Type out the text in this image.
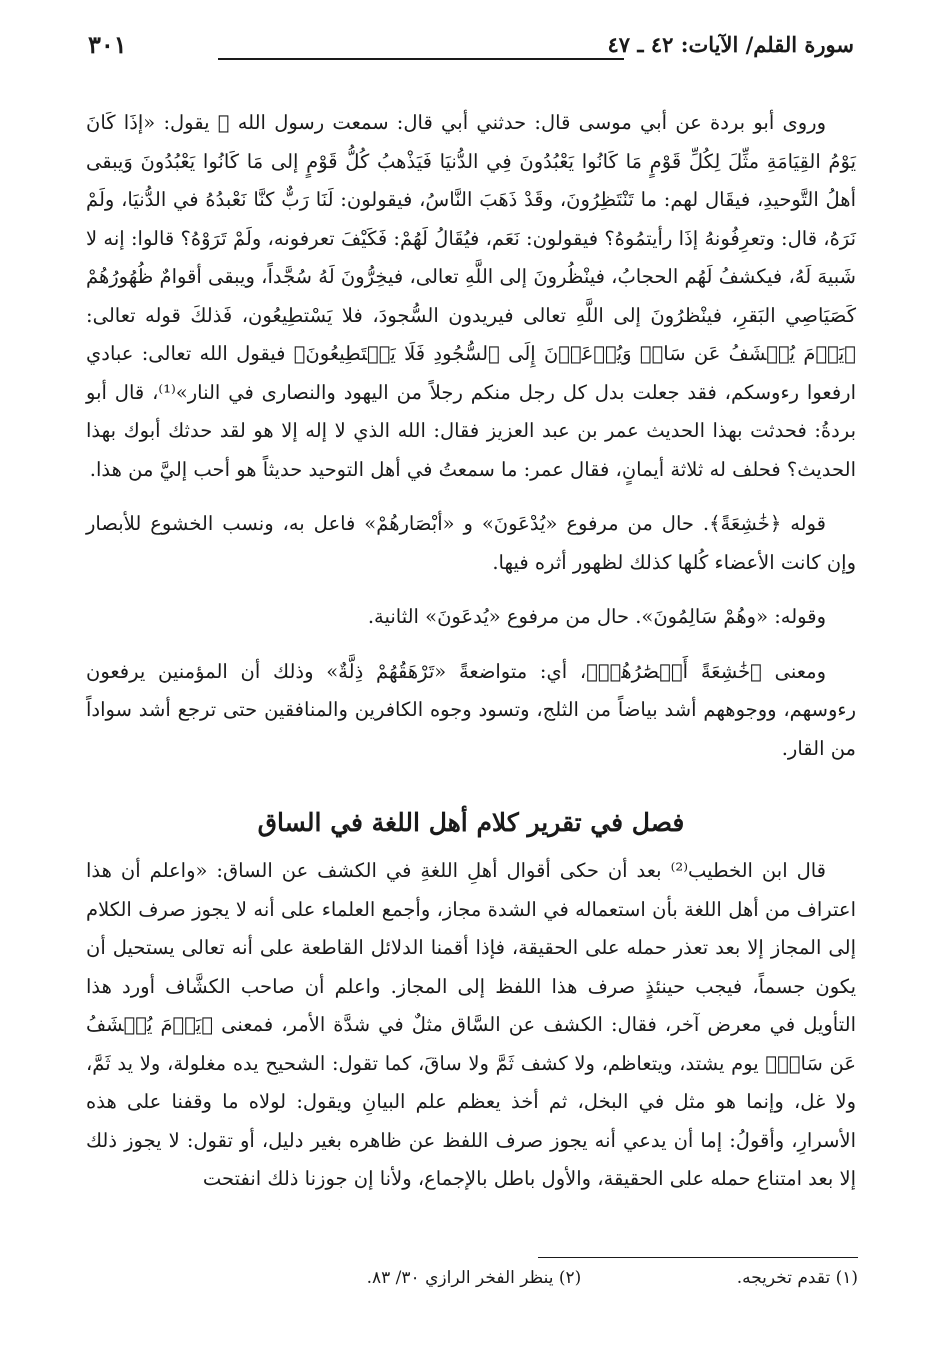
سورة القلم/ الآيات: ٤٢ ـ ٤٧
٣٠١

وروى أبو بردة عن أبي موسى قال: حدثني أبي قال: سمعت رسول الله ﷺ يقول: «إذَا كَانَ يَوْمُ القِيَامَةِ مثِّلَ لِكُلِّ قَوْمٍ مَا كَانُوا يَعْبُدُونَ فِي الدُّنيَا فَيَذْهبُ كُلُّ قَوْمٍ إلى مَا كَانُوا يَعْبُدُونَ وَيبقى أهلُ التَّوحيدِ، فيقَال لهم: ما تَنْتَظِرُونَ، وقَدْ ذَهَبَ النَّاسُ، فيقولون: لَنَا رَبٌّ كنَّا نَعْبدُهُ في الدُّنيَا، ولَمْ نَرَهُ، قال: وتعرِفُونهُ إذَا رأيتمُوهُ؟ فيقولون: نَعَم، فيُقَالُ لَهُمْ: فَكَيْفَ تعرفونه، ولَمْ تَرَوْهُ؟ قالوا: إنه لا شَبيهَ لَهُ، فيكشفُ لَهُم الحجابُ، فينْظُرونَ إلى اللَّهِ تعالى، فيخِرُّونَ لَهُ سُجَّداً، ويبقى أقوامٌ ظُهُورُهُمْ كَصَيَاصِي البَقرِ، فينْظرُونَ إلى اللَّهِ تعالى فيريدون السُّجودَ، فلا يَسْتطِيعُون، فَذلكَ قوله تعالى: ﴿يَوۡمَ يُكۡشَفُ عَن سَاقٖ وَيُدۡعَوۡنَ إِلَى ٱلسُّجُودِ فَلَا يَسۡتَطِيعُونَ﴾ فيقول الله تعالى: عبادي ارفعوا رءوسكم، فقد جعلت بدل كل رجل منكم رجلاً من اليهود والنصارى في النار»⁽¹⁾، قال أبو بردةُ: فحدثت بهذا الحديث عمر بن عبد العزيز فقال: الله الذي لا إله إلا هو لقد حدثك أبوك بهذا الحديث؟ فحلف له ثلاثة أيمانٍ، فقال عمر: ما سمعتُ في أهل التوحيد حديثاً هو أحب إليَّ من هذا.

قوله ﴿خَٰشِعَةً﴾. حال من مرفوع «يُدْعَونَ» و «أبْصَارهُمْ» فاعل به، ونسب الخشوع للأبصار وإن كانت الأعضاء كُلها كذلك لظهور أثره فيها.

وقوله: «وهُمْ سَالِمُونَ». حال من مرفوع «يُدعَونَ» الثانية.

ومعنى ﴿خَٰشِعَةً أَبۡصَٰرُهُمۡ﴾، أي: متواضعةً «تَرْهَقُهُمْ ذِلَّةٌ» وذلك أن المؤمنين يرفعون رءوسهم، ووجوههم أشد بياضاً من الثلج، وتسود وجوه الكافرين والمنافقين حتى ترجع أشد سواداً من القار.

فصل في تقرير كلام أهل اللغة في الساق

قال ابن الخطيب⁽²⁾ بعد أن حكى أقوال أهلِ اللغةِ في الكشف عن الساق: «واعلم أن هذا اعتراف من أهل اللغة بأن استعماله في الشدة مجاز، وأجمع العلماء على أنه لا يجوز صرف الكلام إلى المجاز إلا بعد تعذر حمله على الحقيقة، فإذا أقمنا الدلائل القاطعة على أنه تعالى يستحيل أن يكون جسماً، فيجب حينئذٍ صرف هذا اللفظ إلى المجاز. واعلم أن صاحب الكشَّاف أورد هذا التأويل في معرض آخر، فقال: الكشف عن السَّاق مثلٌ في شدَّة الأمر، فمعنى ﴿يَوۡمَ يُكۡشَفُ عَن سَاقٖ﴾ يوم يشتد، ويتعاظم، ولا كشف ثَمَّ ولا ساقَ، كما تقول: الشحيح يده مغلولة، ولا يد ثَمَّ، ولا غل، وإنما هو مثل في البخل، ثم أخذ يعظم علم البيانِ ويقول: لولاه ما وقفنا على هذه الأسرارِ، وأقولُ: إما أن يدعي أنه يجوز صرف اللفظ عن ظاهره بغير دليل، أو تقول: لا يجوز ذلك إلا بعد امتناع حمله على الحقيقة، والأول باطل بالإجماع، ولأنا إن جوزنا ذلك انفتحت

(١) تقدم تخريجه. (٢) ينظر الفخر الرازي ٣٠/ ٨٣.
